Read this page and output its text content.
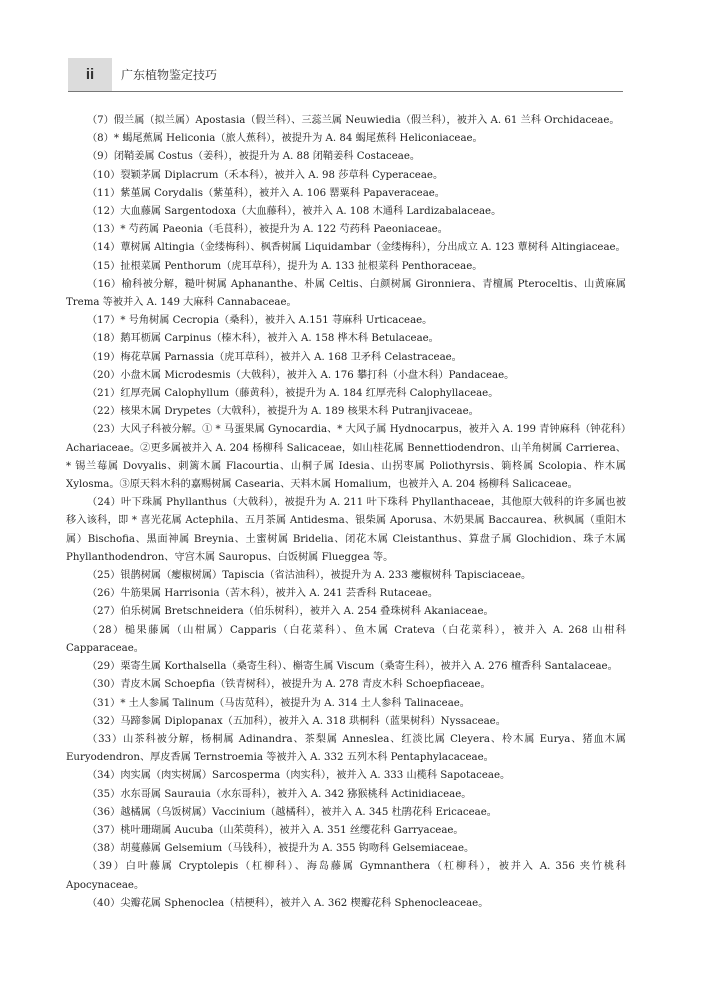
ii	广东植物鉴定技巧

（7）假兰属（拟兰属）Apostasia（假兰科）、三蕊兰属 Neuwiedia（假兰科），被并入 A. 61 兰科 Orchidaceae。

（8）* 蝎尾蕉属 Heliconia（旅人蕉科），被提升为 A. 84 蝎尾蕉科 Heliconiaceae。

（9）闭鞘姜属 Costus（姜科），被提升为 A. 88 闭鞘姜科 Costaceae。

（10）裂颖茅属 Diplacrum（禾本科），被并入 A. 98 莎草科 Cyperaceae。

（11）紫堇属 Corydalis（紫堇科），被并入 A. 106 罂粟科 Papaveraceae。

（12）大血藤属 Sargentodoxa（大血藤科），被并入 A. 108 木通科 Lardizabalaceae。

（13）* 芍药属 Paeonia（毛茛科），被提升为 A. 122 芍药科 Paeoniaceae。

（14）蕈树属 Altingia（金缕梅科）、枫香树属 Liquidambar（金缕梅科），分出成立 A. 123 蕈树科 Altingiaceae。

（15）扯根菜属 Penthorum（虎耳草科），提升为 A. 133 扯根菜科 Penthoraceae。

（16）榆科被分解，糙叶树属 Aphananthe、朴属 Celtis、白颜树属 Gironniera、青檀属 Pteroceltis、山黄麻属 Trema 等被并入 A. 149 大麻科 Cannabaceae。

（17）* 号角树属 Cecropia（桑科），被并入 A.151 荨麻科 Urticaceae。

（18）鹅耳枥属 Carpinus（榛木科），被并入 A. 158 桦木科 Betulaceae。

（19）梅花草属 Parnassia（虎耳草科），被并入 A. 168 卫矛科 Celastraceae。

（20）小盘木属 Microdesmis（大戟科），被并入 A. 176 攀打科（小盘木科）Pandaceae。

（21）红厚壳属 Calophyllum（藤黄科），被提升为 A. 184 红厚壳科 Calophyllaceae。

（22）核果木属 Drypetes（大戟科），被提升为 A. 189 核果木科 Putranjivaceae。

（23）大风子科被分解。① * 马蛋果属 Gynocardia、* 大风子属 Hydnocarpus，被并入 A. 199 青钟麻科（钟花科）Achariaceae。②更多属被并入 A. 204 杨柳科 Salicaceae，如山桂花属 Bennettiodendron、山羊角树属 Carrierea、* 锡兰莓属 Dovyalis、刺篱木属 Flacourtia、山桐子属 Idesia、山拐枣属 Poliothyrsis、箣柊属 Scolopia、柞木属 Xylosma。③原天料木科的嘉赐树属 Casearia、天料木属 Homalium，也被并入 A. 204 杨柳科 Salicaceae。

（24）叶下珠属 Phyllanthus（大戟科），被提升为 A. 211 叶下珠科 Phyllanthaceae，其他原大戟科的许多属也被移入该科，即 * 喜光花属 Actephila、五月茶属 Antidesma、银柴属 Aporusa、木奶果属 Baccaurea、秋枫属（重阳木属）Bischofia、黑面神属 Breynia、土蜜树属 Bridelia、闭花木属 Cleistanthus、算盘子属 Glochidion、珠子木属 Phyllanthodendron、守宫木属 Sauropus、白饭树属 Flueggea 等。

（25）银鹊树属（瘿椒树属）Tapiscia（省沽油科），被提升为 A. 233 瘿椒树科 Tapisciaceae。

（26）牛筋果属 Harrisonia（苦木科），被并入 A. 241 芸香科 Rutaceae。

（27）伯乐树属 Bretschneidera（伯乐树科），被并入 A. 254 叠珠树科 Akaniaceae。

（28）槌果藤属（山柑属）Capparis（白花菜科）、鱼木属 Crateva（白花菜科），被并入 A. 268 山柑科 Capparaceae。

（29）栗寄生属 Korthalsella（桑寄生科）、槲寄生属 Viscum（桑寄生科），被并入 A. 276 檀香科 Santalaceae。

（30）青皮木属 Schoepfia（铁青树科），被提升为 A. 278 青皮木科 Schoepfiaceae。

（31）* 土人参属 Talinum（马齿苋科），被提升为 A. 314 土人参科 Talinaceae。

（32）马蹄参属 Diplopanax（五加科），被并入 A. 318 珙桐科（蓝果树科）Nyssaceae。

（33）山茶科被分解，杨桐属 Adinandra、茶梨属 Anneslea、红淡比属 Cleyera、柃木属 Eurya、猪血木属 Euryodendron、厚皮香属 Ternstroemia 等被并入 A. 332 五列木科 Pentaphylacaceae。

（34）肉实属（肉实树属）Sarcosperma（肉实科），被并入 A. 333 山榄科 Sapotaceae。

（35）水东哥属 Saurauia（水东哥科），被并入 A. 342 猕猴桃科 Actinidiaceae。

（36）越橘属（乌饭树属）Vaccinium（越橘科），被并入 A. 345 杜鹃花科 Ericaceae。

（37）桃叶珊瑚属 Aucuba（山茱萸科），被并入 A. 351 丝缨花科 Garryaceae。

（38）胡蔓藤属 Gelsemium（马钱科），被提升为 A. 355 钩吻科 Gelsemiaceae。

（39）白叶藤属 Cryptolepis（杠柳科）、海岛藤属 Gymnanthera（杠柳科），被并入 A. 356 夹竹桃科 Apocynaceae。

（40）尖瓣花属 Sphenoclea（桔梗科），被并入 A. 362 楔瓣花科 Sphenocleaceae。
